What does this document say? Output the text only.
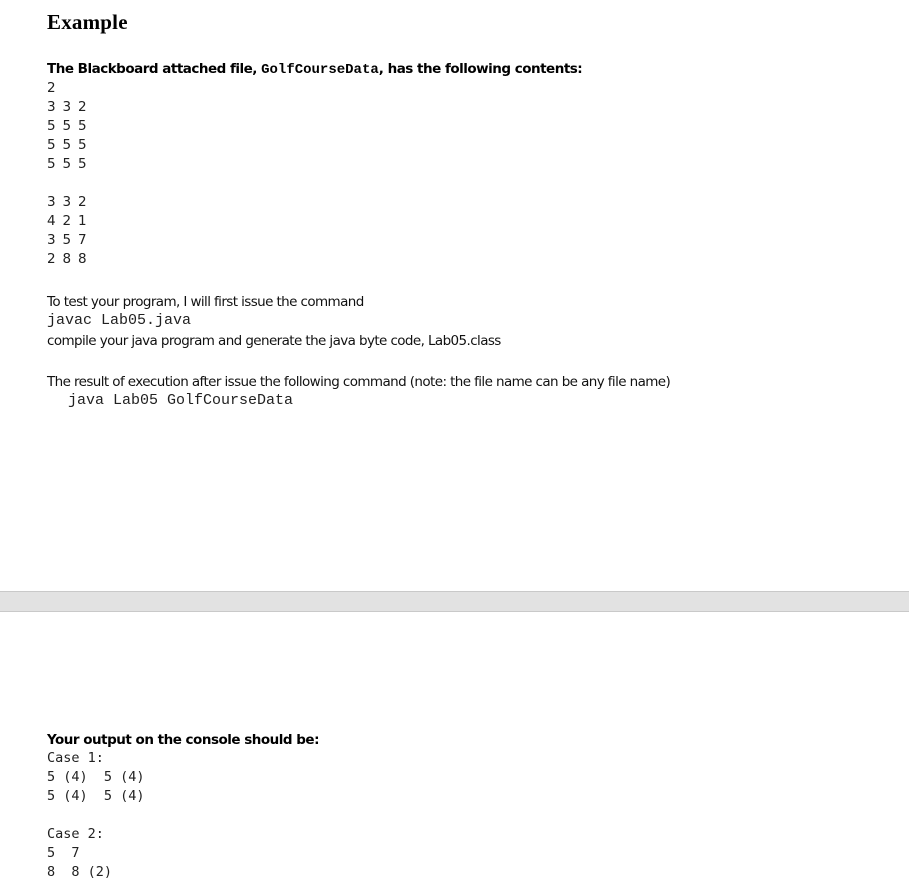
Example
The Blackboard attached file, GolfCourseData, has the following contents:
2
3 3 2
5 5 5
5 5 5
5 5 5
3 3 2
4 2 1
3 5 7
2 8 8
To test your program, I will first issue the command
javac Lab05.java
compile your java program and generate the java byte code, Lab05.class
The result of execution after issue the following command (note: the file name can be any file name)
java Lab05 GolfCourseData
Your output on the console should be:
Case 1:
5 (4)  5 (4)
5 (4)  5 (4)
Case 2:
5  7
8  8 (2)
